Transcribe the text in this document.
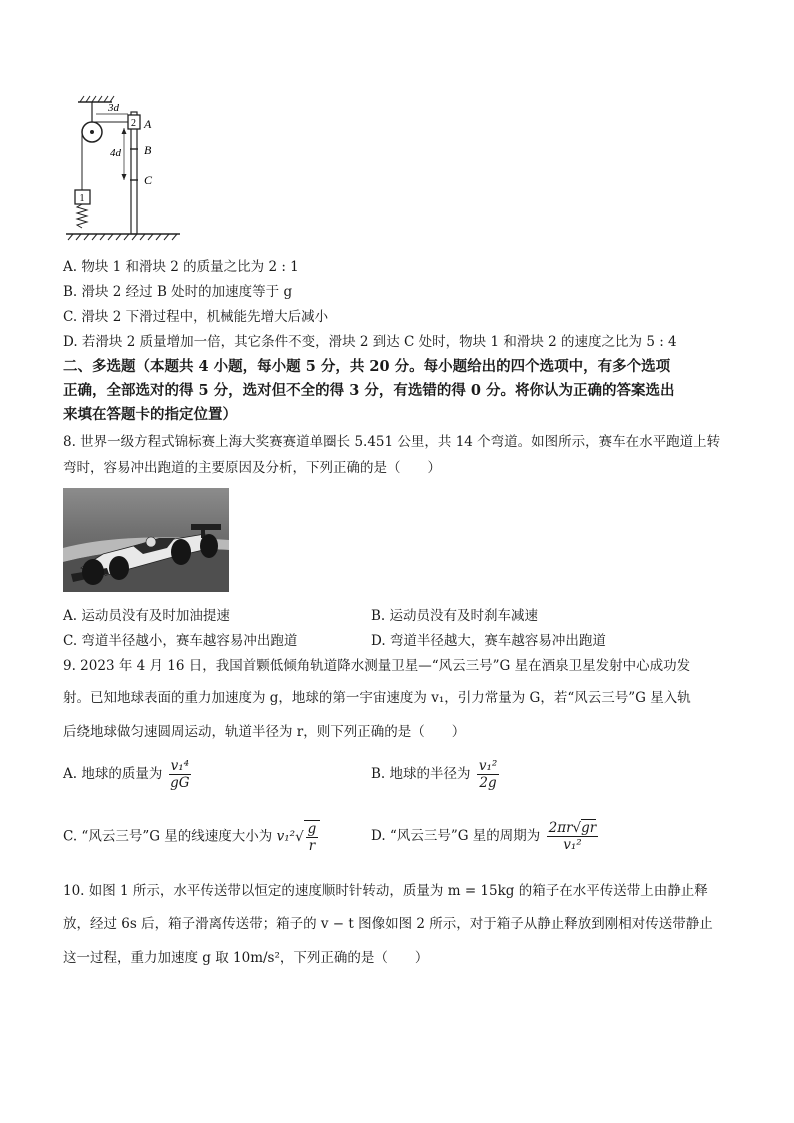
3d
4d
A
B
C
1
2
A. 物块 1 和滑块 2 的质量之比为 2 : 1
B. 滑块 2 经过 B 处时的加速度等于 g
C. 滑块 2 下滑过程中，机械能先增大后减小
D. 若滑块 2 质量增加一倍，其它条件不变，滑块 2 到达 C 处时，物块 1 和滑块 2 的速度之比为 5 : 4
二、多选题（本题共 4 小题，每小题 5 分，共 20 分。每小题给出的四个选项中，有多个选项
正确，全部选对的得 5 分，选对但不全的得 3 分，有选错的得 0 分。将你认为正确的答案选出
来填在答题卡的指定位置）
8. 世界一级方程式锦标赛上海大奖赛赛道单圈长 5.451 公里，共 14 个弯道。如图所示，赛车在水平跑道上转
弯时，容易冲出跑道的主要原因及分析，下列正确的是（　　）
A. 运动员没有及时加油提速	B. 运动员没有及时刹车减速
C. 弯道半径越小，赛车越容易冲出跑道	D. 弯道半径越大，赛车越容易冲出跑道
9. 2023 年 4 月 16 日，我国首颗低倾角轨道降水测量卫星—“风云三号”G 星在酒泉卫星发射中心成功发
射。已知地球表面的重力加速度为 g，地球的第一宇宙速度为 v₁，引力常量为 G，若“风云三号”G 星入轨
后绕地球做匀速圆周运动，轨道半径为 r，则下列正确的是（　　）
A. 地球的质量为 $\frac{\text{v₁⁴}}{gG}$	B. 地球的半径为 $\frac{\text{v₁²}}{2g}$
C. “风云三号”G 星的线速度大小为 $v_1^2√ \frac{g}{r}$	D. “风云三号”G 星的周期为 $\frac{2\pi r√gr}{\text{v₁²}}$
10. 如图 1 所示，水平传送带以恒定的速度顺时针转动，质量为 m = 15kg 的箱子在水平传送带上由静止释
放，经过 6s 后，箱子滑离传送带；箱子的 v − t 图像如图 2 所示，对于箱子从静止释放到刚相对传送带静止
这一过程，重力加速度 g 取 10m/s²，下列正确的是（　　）
